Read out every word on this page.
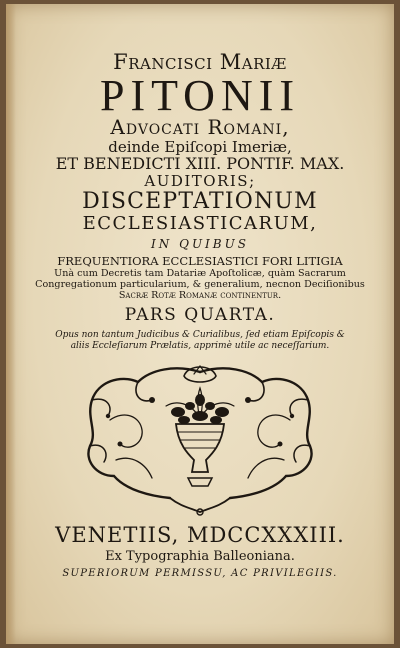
Francisci Mariæ
PITONII
Advocati Romani,
deinde Epiſcopi Imeriæ,
ET BENEDICTI XIII. PONTIF. MAX.
AUDITORIS;
DISCEPTATIONUM
ECCLESIASTICARUM,
IN QUIBUS
FREQUENTIORA ECCLESIASTICI FORI LITIGIA
Unà cum Decretis tam Datariæ Apoſtolicæ, quàm Sacrarum
Congregationum particularium, & generalium, necnon Deciſionibus
Sacræ Rotæ Romanæ continentur.
PARS QUARTA.
Opus non tantum Judicibus & Curialibus, ſed etiam Epiſcopis &
aliis Eccleſiarum Prælatis, apprimè utile ac neceſſarium.
VENETIIS, MDCCXXXIII.
Ex Typographia Balleoniana.
SUPERIORUM PERMISSU, AC PRIVILEGIIS.
